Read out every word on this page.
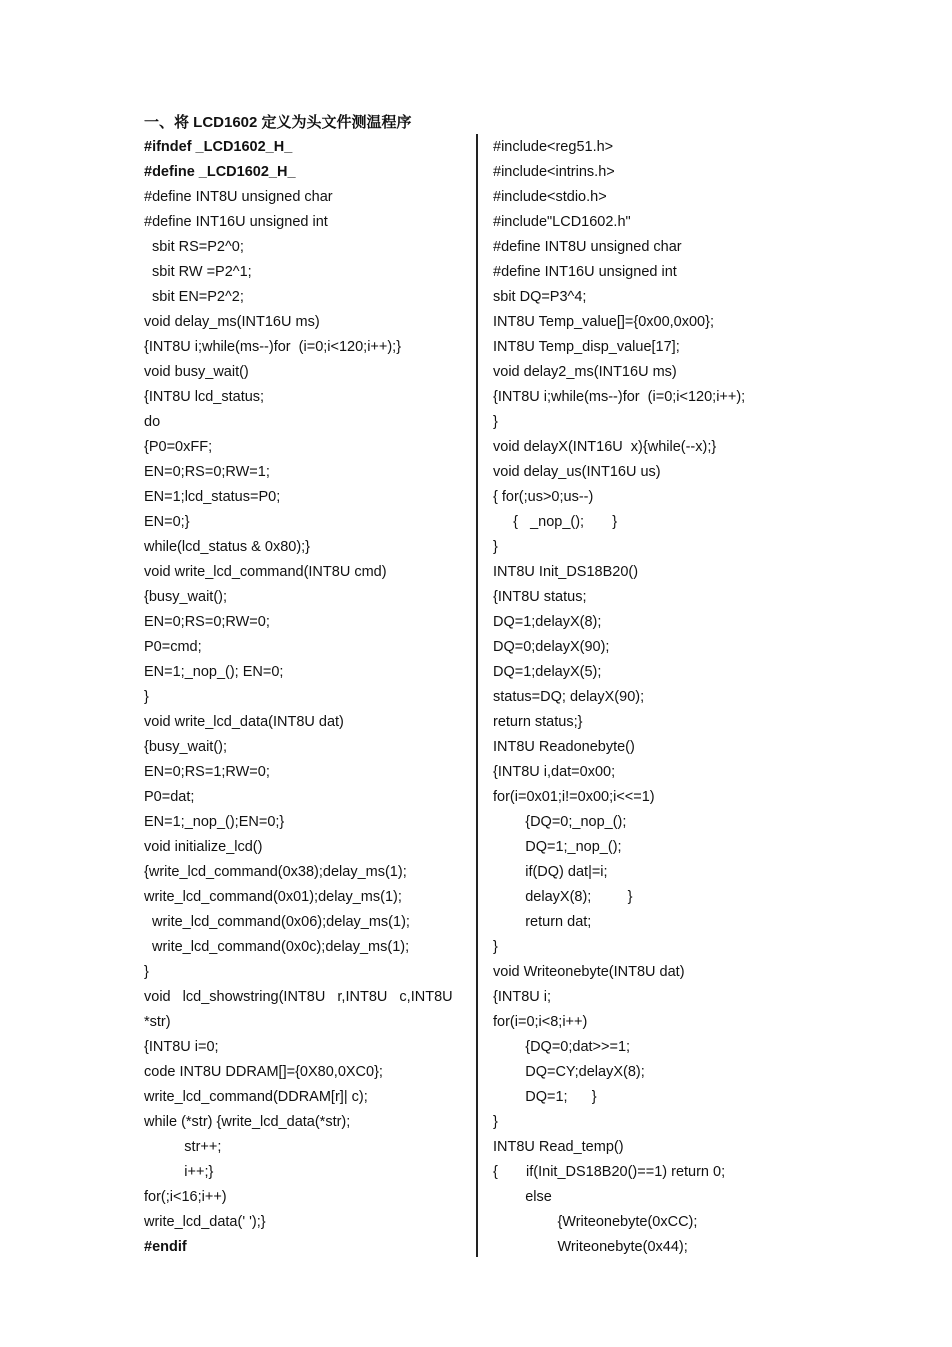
一、将 LCD1602 定义为头文件测温程序
#ifndef _LCD1602_H_
#define _LCD1602_H_
#define INT8U unsigned char
#define INT16U unsigned int
sbit RS=P2^0;
sbit RW =P2^1;
sbit EN=P2^2;
void delay_ms(INT16U ms)
{INT8U i;while(ms--)for  (i=0;i<120;i++);}
void busy_wait()
{INT8U lcd_status;
do
{P0=0xFF;
EN=0;RS=0;RW=1;
EN=1;lcd_status=P0;
EN=0;}
while(lcd_status & 0x80);}
void write_lcd_command(INT8U cmd)
{busy_wait();
EN=0;RS=0;RW=0;
P0=cmd;
EN=1;_nop_(); EN=0;
}
void write_lcd_data(INT8U dat)
{busy_wait();
EN=0;RS=1;RW=0;
P0=dat;
EN=1;_nop_();EN=0;}
void initialize_lcd()
{write_lcd_command(0x38);delay_ms(1);
write_lcd_command(0x01);delay_ms(1);
write_lcd_command(0x06);delay_ms(1);
write_lcd_command(0x0c);delay_ms(1);
}
void   lcd_showstring(INT8U   r,INT8U   c,INT8U
*str)
{INT8U i=0;
code INT8U DDRAM[]={0X80,0XC0};
write_lcd_command(DDRAM[r]| c);
while (*str) {write_lcd_data(*str);
str++;
i++;}
for(;i<16;i++)
write_lcd_data(' ');}
#endif
#include<reg51.h>
#include<intrins.h>
#include<stdio.h>
#include"LCD1602.h"
#define INT8U unsigned char
#define INT16U unsigned int
sbit DQ=P3^4;
INT8U Temp_value[]={0x00,0x00};
INT8U Temp_disp_value[17];
void delay2_ms(INT16U ms)
{INT8U i;while(ms--)for  (i=0;i<120;i++);
}
void delayX(INT16U  x){while(--x);}
void delay_us(INT16U us)
{ for(;us>0;us--)
{   _nop_();       }
}
INT8U Init_DS18B20()
{INT8U status;
DQ=1;delayX(8);
DQ=0;delayX(90);
DQ=1;delayX(5);
status=DQ; delayX(90);
return status;}
INT8U Readonebyte()
{INT8U i,dat=0x00;
for(i=0x01;i!=0x00;i<<=1)
{DQ=0;_nop_();
DQ=1;_nop_();
if(DQ) dat|=i;
delayX(8);         }
return dat;
}
void Writeonebyte(INT8U dat)
{INT8U i;
for(i=0;i<8;i++)
{DQ=0;dat>>=1;
DQ=CY;delayX(8);
DQ=1;      }
}
INT8U Read_temp()
{       if(Init_DS18B20()==1) return 0;
else
{Writeonebyte(0xCC);
Writeonebyte(0x44);
